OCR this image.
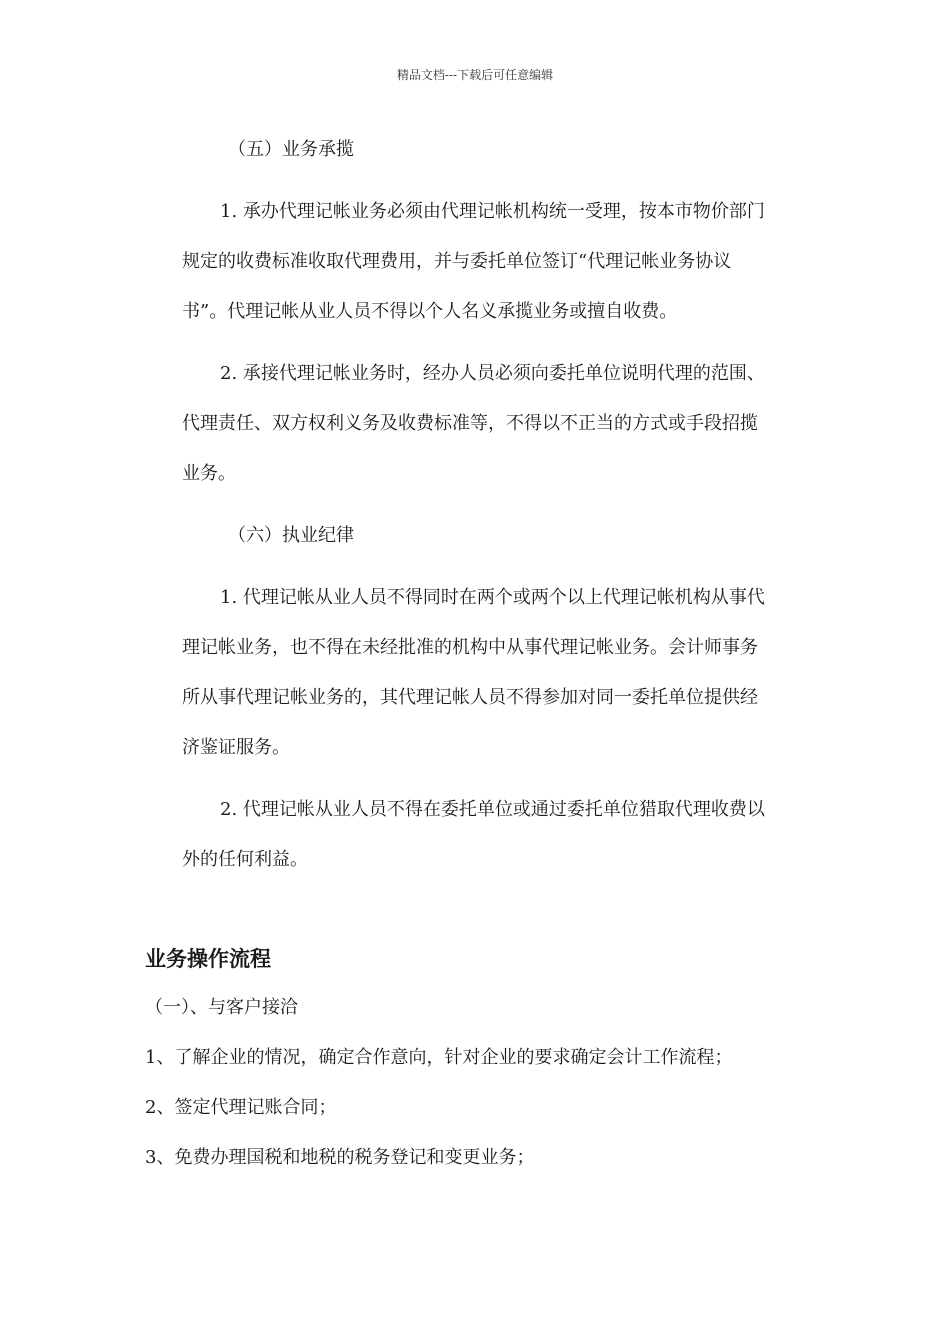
精品文档---下载后可任意编辑
（五）业务承揽
1. 承办代理记帐业务必须由代理记帐机构统一受理，按本市物价部门
规定的收费标准收取代理费用，并与委托单位签订“代理记帐业务协议
书”。代理记帐从业人员不得以个人名义承揽业务或擅自收费。
2. 承接代理记帐业务时，经办人员必须向委托单位说明代理的范围、
代理责任、双方权利义务及收费标准等，不得以不正当的方式或手段招揽
业务。
（六）执业纪律
1. 代理记帐从业人员不得同时在两个或两个以上代理记帐机构从事代
理记帐业务，也不得在未经批准的机构中从事代理记帐业务。会计师事务
所从事代理记帐业务的，其代理记帐人员不得参加对同一委托单位提供经
济鉴证服务。
2. 代理记帐从业人员不得在委托单位或通过委托单位猎取代理收费以
外的任何利益。
业务操作流程
（一）、与客户接洽
1、了解企业的情况，确定合作意向，针对企业的要求确定会计工作流程；
2、签定代理记账合同；
3、免费办理国税和地税的税务登记和变更业务；
